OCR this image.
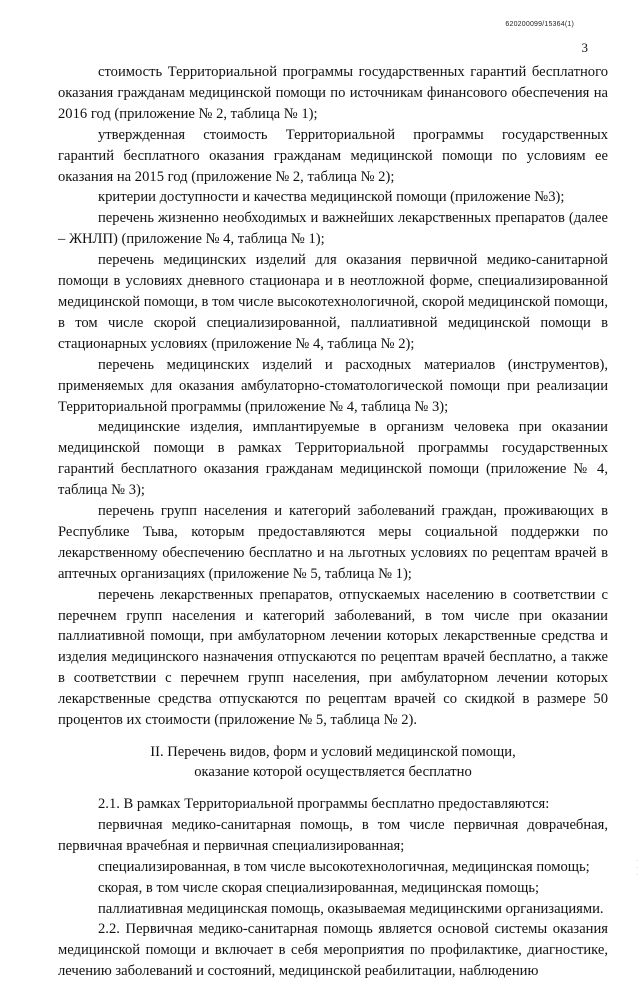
620200099/15364(1)
3

стоимость Территориальной программы государственных гарантий бесплатного оказания гражданам медицинской помощи по источникам финансового обеспечения на 2016 год (приложение № 2, таблица № 1);

утвержденная стоимость Территориальной программы государственных гарантий бесплатного оказания гражданам медицинской помощи по условиям ее оказания на 2015 год (приложение № 2, таблица № 2);

критерии доступности и качества медицинской помощи (приложение №3);

перечень жизненно необходимых и важнейших лекарственных препаратов (далее – ЖНЛП) (приложение № 4, таблица № 1);

перечень медицинских изделий для оказания первичной медико-санитарной помощи в условиях дневного стационара и в неотложной форме, специализированной медицинской помощи, в том числе высокотехнологичной, скорой медицинской помощи, в том числе скорой специализированной, паллиативной медицинской помощи в стационарных условиях (приложение № 4, таблица № 2);

перечень медицинских изделий и расходных материалов (инструментов), применяемых для оказания амбулаторно-стоматологической помощи при реализации Территориальной программы (приложение № 4, таблица № 3);

медицинские изделия, имплантируемые в организм человека при оказании медицинской помощи в рамках Территориальной программы государственных гарантий бесплатного оказания гражданам медицинской помощи (приложение № 4, таблица № 3);

перечень групп населения и категорий заболеваний граждан, проживающих в Республике Тыва, которым предоставляются меры социальной поддержки по лекарственному обеспечению бесплатно и на льготных условиях по рецептам врачей в аптечных организациях (приложение № 5, таблица № 1);

перечень лекарственных препаратов, отпускаемых населению в соответствии с перечнем групп населения и категорий заболеваний, в том числе при оказании паллиативной помощи, при амбулаторном лечении которых лекарственные средства и изделия медицинского назначения отпускаются по рецептам врачей бесплатно, а также в соответствии с перечнем групп населения, при амбулаторном лечении которых лекарственные средства отпускаются по рецептам врачей со скидкой в размере 50 процентов их стоимости (приложение № 5, таблица № 2).

II. Перечень видов, форм и условий медицинской помощи,
оказание которой осуществляется бесплатно

2.1. В рамках Территориальной программы бесплатно предоставляются:

первичная медико-санитарная помощь, в том числе первичная доврачебная, первичная врачебная и первичная специализированная;

специализированная, в том числе высокотехнологичная, медицинская помощь;

скорая, в том числе скорая специализированная, медицинская помощь;

паллиативная медицинская помощь, оказываемая медицинскими организациями.

2.2. Первичная медико-санитарная помощь является основой системы оказания медицинской помощи и включает в себя мероприятия по профилактике, диагностике, лечению заболеваний и состояний, медицинской реабилитации, наблюдению

·
·
·
